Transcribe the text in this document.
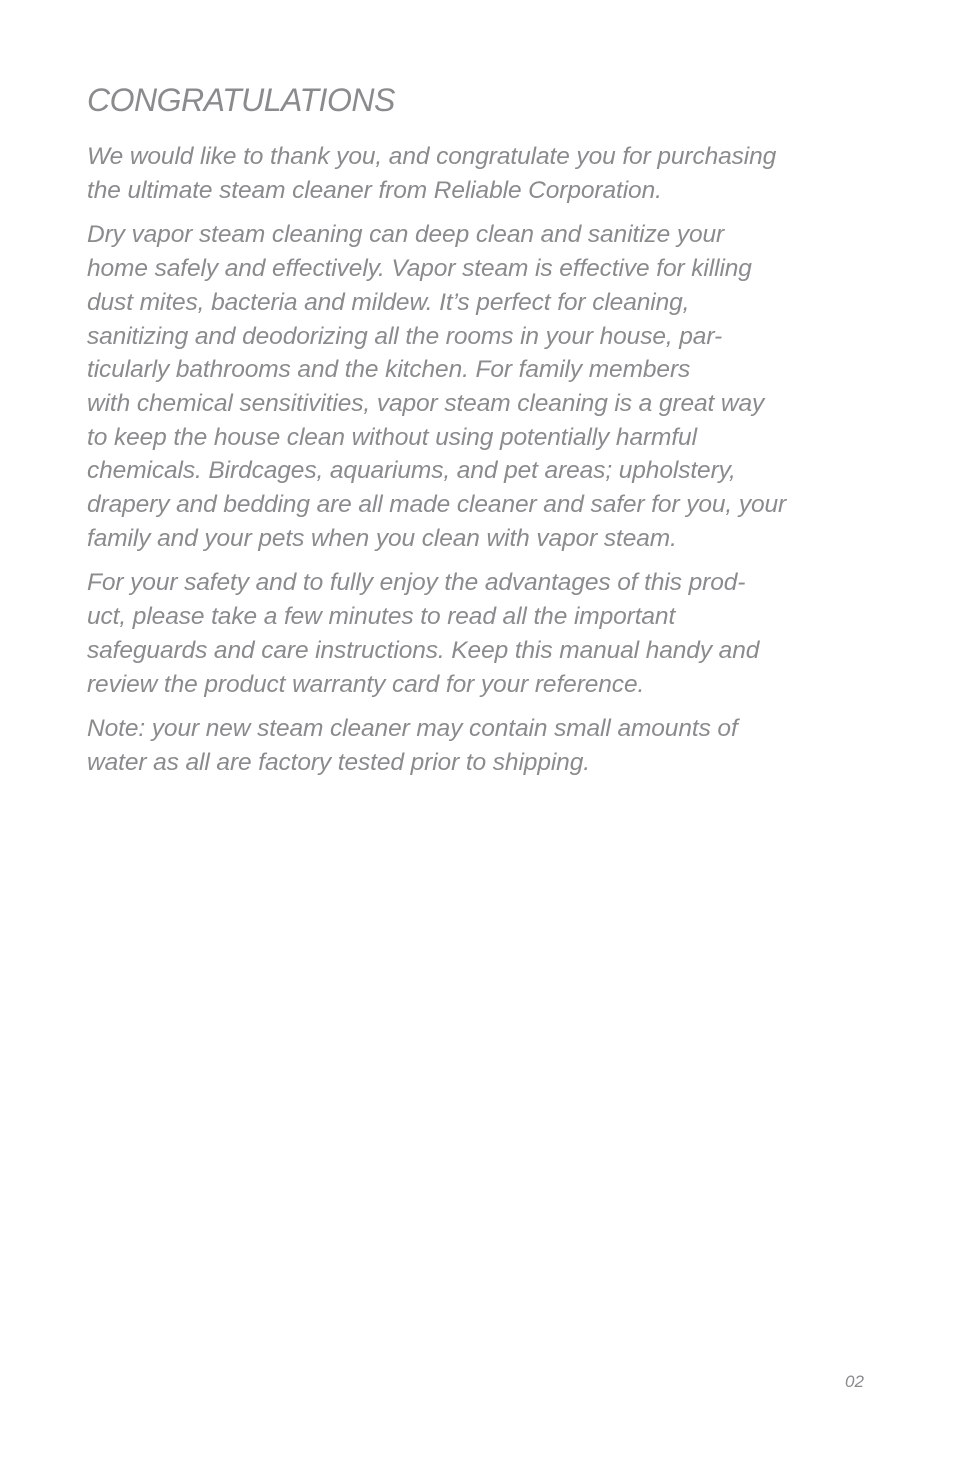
CONGRATULATIONS

We would like to thank you, and congratulate you for purchasing
the ultimate steam cleaner from Reliable Corporation.

Dry vapor steam cleaning can deep clean and sanitize your
home safely and effectively. Vapor steam is effective for killing
dust mites, bacteria and mildew. It’s perfect for cleaning,
sanitizing and deodorizing all the rooms in your house, par-
ticularly bathrooms and the kitchen. For family members
with chemical sensitivities, vapor steam cleaning is a great way
to keep the house clean without using potentially harmful
chemicals. Birdcages, aquariums, and pet areas; upholstery,
drapery and bedding are all made cleaner and safer for you, your
family and your pets when you clean with vapor steam.

For your safety and to fully enjoy the advantages of this prod-
uct, please take a few minutes to read all the important
safeguards and care instructions. Keep this manual handy and
review the product warranty card for your reference.

Note: your new steam cleaner may contain small amounts of
water as all are factory tested prior to shipping.

02
